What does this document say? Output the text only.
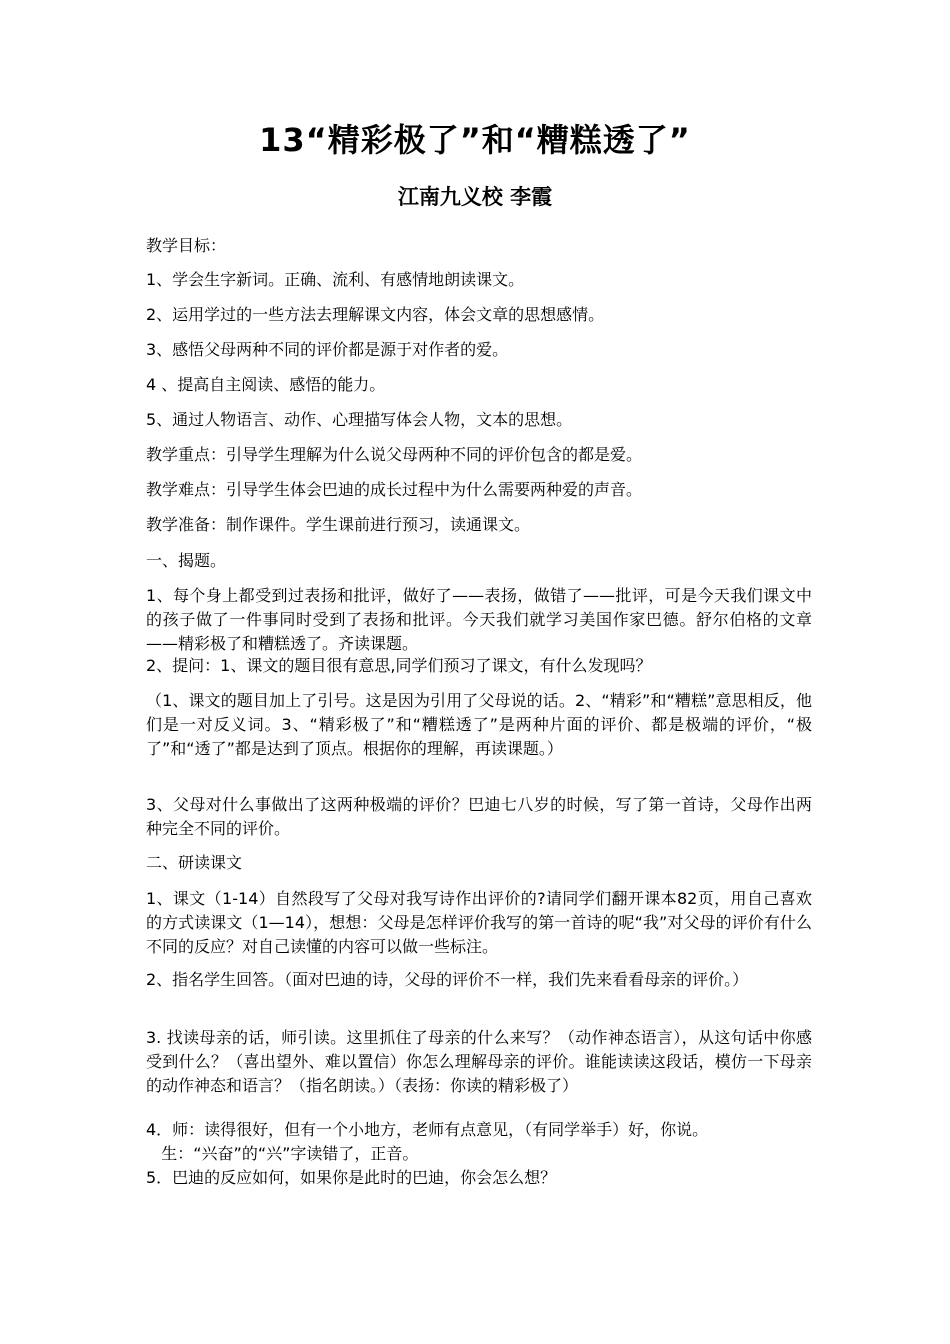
13“精彩极了”和“糟糕透了”
江南九义校 李霞
教学目标：
1、学会生字新词。正确、流利、有感情地朗读课文。
2、运用学过的一些方法去理解课文内容，体会文章的思想感情。
3、感悟父母两种不同的评价都是源于对作者的爱。
4 、提高自主阅读、感悟的能力。
5、通过人物语言、动作、心理描写体会人物，文本的思想。
教学重点：引导学生理解为什么说父母两种不同的评价包含的都是爱。
教学难点：引导学生体会巴迪的成长过程中为什么需要两种爱的声音。
教学准备：制作课件。学生课前进行预习，读通课文。
一、揭题。
1、每个身上都受到过表扬和批评，做好了——表扬，做错了——批评，可是今天我们课文中的孩子做了一件事同时受到了表扬和批评。今天我们就学习美国作家巴德。舒尔伯格的文章——精彩极了和糟糕透了。齐读课题。
2、提问：1、课文的题目很有意思,同学们预习了课文，有什么发现吗？
（1、课文的题目加上了引号。这是因为引用了父母说的话。2、“精彩”和“糟糕”意思相反，他们是一对反义词。3、“精彩极了”和“糟糕透了”是两种片面的评价、都是极端的评价，“极了”和“透了”都是达到了顶点。根据你的理解，再读课题。）
3、父母对什么事做出了这两种极端的评价？巴迪七八岁的时候，写了第一首诗，父母作出两种完全不同的评价。
二、研读课文
1、课文（1-14）自然段写了父母对我写诗作出评价的?请同学们翻开课本82页，用自己喜欢的方式读课文（1—14），想想：父母是怎样评价我写的第一首诗的呢“我”对父母的评价有什么不同的反应？对自己读懂的内容可以做一些标注。
2、指名学生回答。（面对巴迪的诗，父母的评价不一样，我们先来看看母亲的评价。）
3. 找读母亲的话，师引读。这里抓住了母亲的什么来写？（动作神态语言），从这句话中你感受到什么？（喜出望外、难以置信）你怎么理解母亲的评价。谁能读读这段话，模仿一下母亲的动作神态和语言？（指名朗读。）（表扬：你读的精彩极了）
4．师：读得很好，但有一个小地方，老师有点意见，（有同学举手）好，你说。
生：“兴奋”的“兴”字读错了，正音。
5．巴迪的反应如何，如果你是此时的巴迪，你会怎么想？
